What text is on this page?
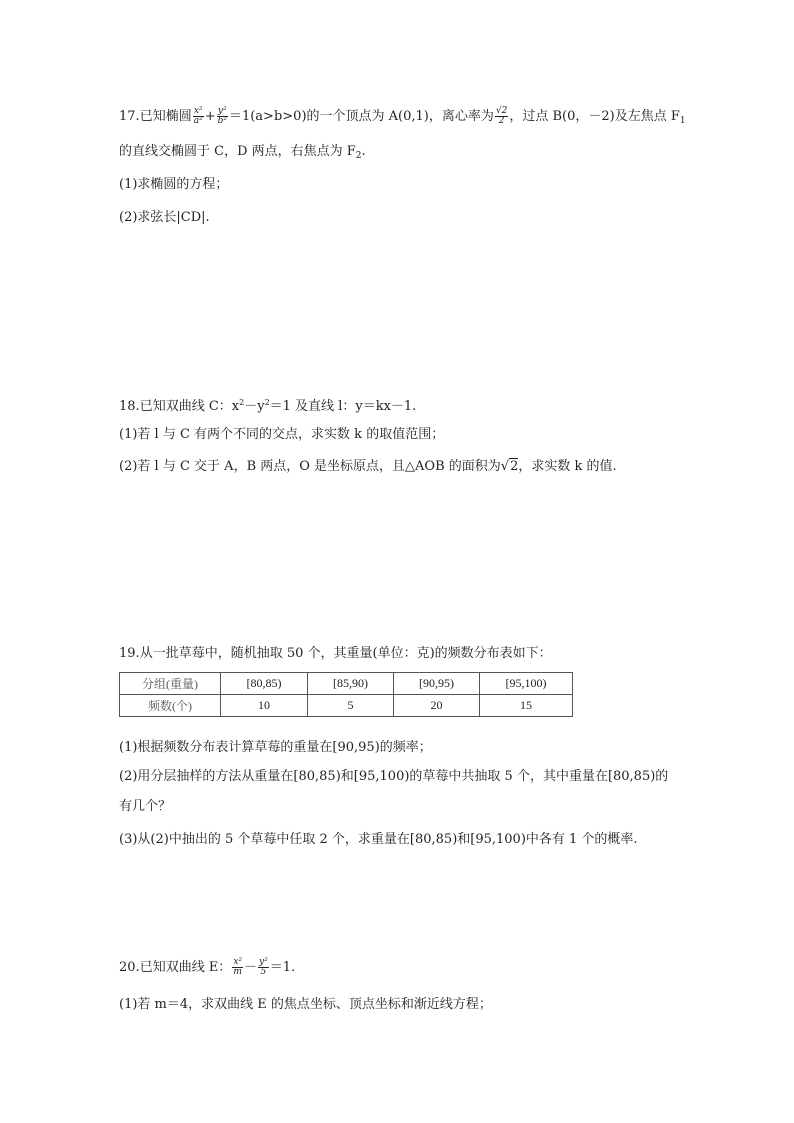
17.已知椭圆 $\frac{\text{x²}}{\text{a²}} + \frac{\text{y²}}{\text{b²}} =1(a>b>0)$的一个顶点为 A(0,1)，离心率为 $\frac{√2}{2}$ ，过点 B(0，－2)及左焦点 $F_1$
的直线交椭圆于 C，D 两点，右焦点为 $F_2$.
(1)求椭圆的方程；
(2)求弦长|CD|.
18.已知双曲线 C：$x^2-y^2=1$ 及直线 l：y＝kx－1.
(1)若 l 与 C 有两个不同的交点，求实数 k 的取值范围；
(2)若 l 与 C 交于 A，B 两点，O 是坐标原点，且△AOB 的面积为√2，求实数 k 的值.
19.从一批草莓中，随机抽取 50 个，其重量(单位：克)的频数分布表如下：
分组(重量)	[80,85)	[85,90)	[90,95)	[95,100)
频数(个)	10	5	20	15
(1)根据频数分布表计算草莓的重量在[90,95)的频率；
(2)用分层抽样的方法从重量在[80,85)和[95,100)的草莓中共抽取 5 个，其中重量在[80,85)的
有几个？
(3)从(2)中抽出的 5 个草莓中任取 2 个，求重量在[80,85)和[95,100)中各有 1 个的概率.
20.已知双曲线 E： $\frac{\text{x²}}{m} - \frac{\text{y²}}{5} =1$.
(1)若 m＝4，求双曲线 E 的焦点坐标、顶点坐标和渐近线方程；
